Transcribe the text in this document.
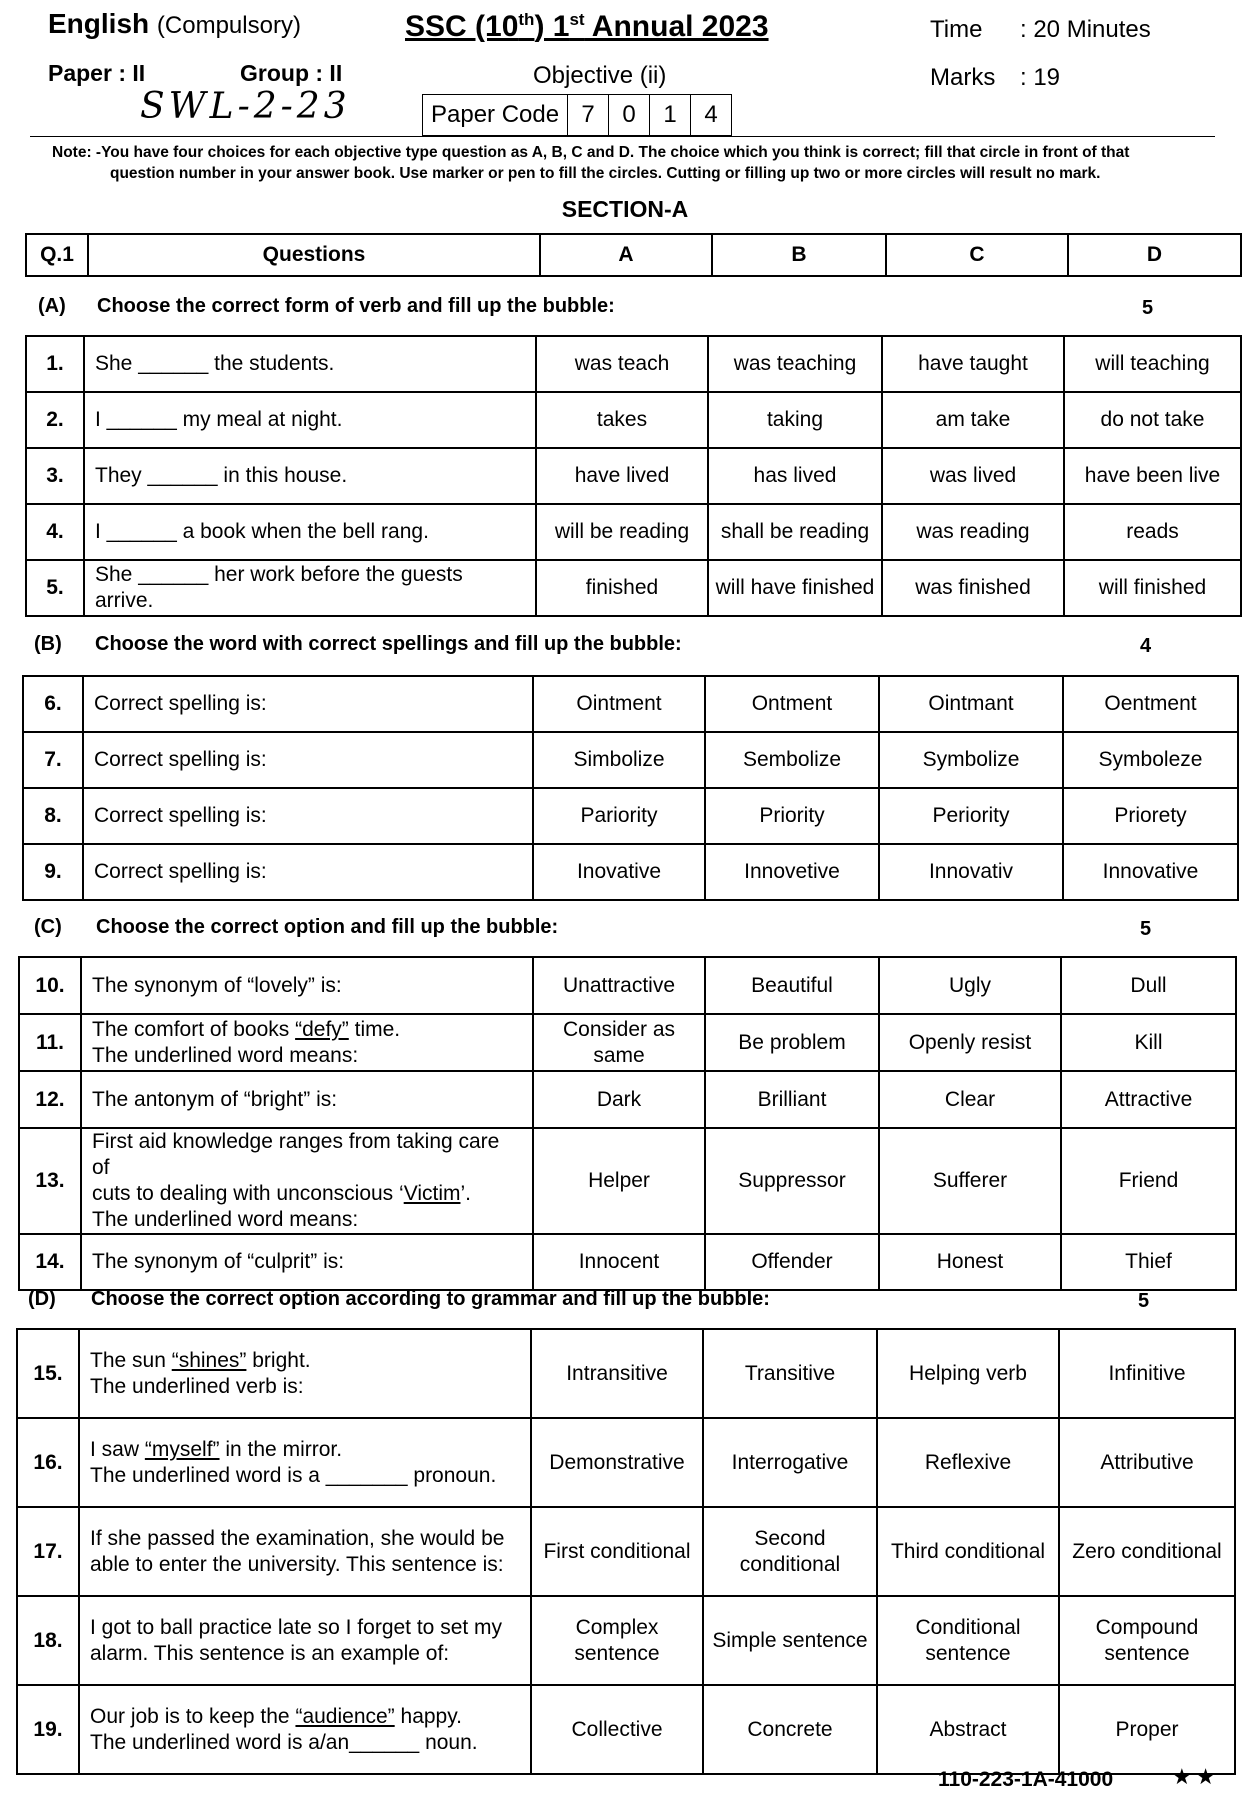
English (Compulsory)	SSC (10th) 1st Annual 2023	Time : 20 Minutes
Marks : 19
Paper : II	Group : II	Objective (ii)
SWL-2-23	Paper Code	7	0	1	4
Note: -You have four choices for each objective type question as A, B, C and D. The choice which you think is correct; fill that circle in front of that
question number in your answer book. Use marker or pen to fill the circles. Cutting or filling up two or more circles will result no mark.
SECTION-A
Q.1	Questions	A	B	C	D
(A) Choose the correct form of verb and fill up the bubble:	5
1.	She ______ the students.	was teach	was teaching	have taught	will teaching
2.	I ______ my meal at night.	takes	taking	am take	do not take
3.	They ______ in this house.	have lived	has lived	was lived	have been live
4.	I ______ a book when the bell rang.	will be reading	shall be reading	was reading	reads
5.	She ______ her work before the guests arrive.	finished	will have finished	was finished	will finished
(B) Choose the word with correct spellings and fill up the bubble:	4
6.	Correct spelling is:	Ointment	Ontment	Ointmant	Oentment
7.	Correct spelling is:	Simbolize	Sembolize	Symbolize	Symboleze
8.	Correct spelling is:	Pariority	Priority	Periority	Priorety
9.	Correct spelling is:	Inovative	Innovetive	Innovativ	Innovative
(C) Choose the correct option and fill up the bubble:	5
10.	The synonym of “lovely” is:	Unattractive	Beautiful	Ugly	Dull
11.	The comfort of books “defy” time.
The underlined word means:	Consider as same	Be problem	Openly resist	Kill
12.	The antonym of “bright” is:	Dark	Brilliant	Clear	Attractive
13.	First aid knowledge ranges from taking care of
cuts to dealing with unconscious ‘Victim’.
The underlined word means:	Helper	Suppressor	Sufferer	Friend
14.	The synonym of “culprit” is:	Innocent	Offender	Honest	Thief
(D) Choose the correct option according to grammar and fill up the bubble:	5
15.	The sun “shines” bright.
The underlined verb is:	Intransitive	Transitive	Helping verb	Infinitive
16.	I saw “myself” in the mirror.
The underlined word is a _______ pronoun.	Demonstrative	Interrogative	Reflexive	Attributive
17.	If she passed the examination, she would be
able to enter the university. This sentence is:	First conditional	Second conditional	Third conditional	Zero conditional
18.	I got to ball practice late so I forget to set my
alarm. This sentence is an example of:	Complex sentence	Simple sentence	Conditional sentence	Compound sentence
19.	Our job is to keep the “audience” happy.
The underlined word is a/an______ noun.	Collective	Concrete	Abstract	Proper
110-223-1A-41000	★★
